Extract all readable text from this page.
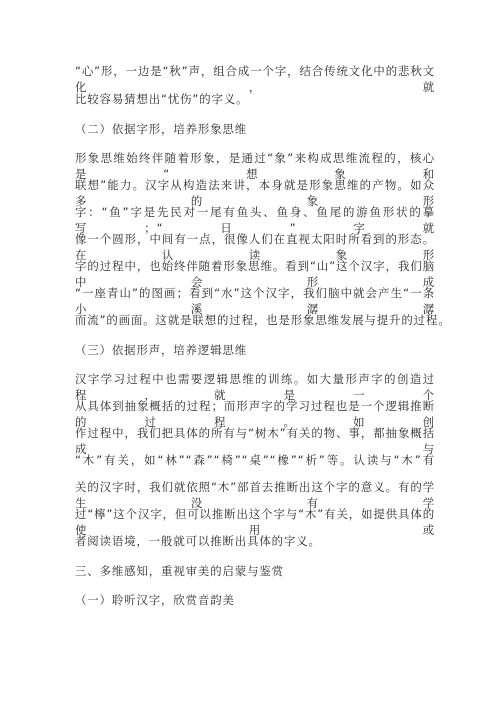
“心”形，一边是“秋”声，组合成一个字，结合传统文化中的悲秋文化，就
比较容易猜想出“忧伤”的字义。
（二）依据字形，培养形象思维
形象思维始终伴随着形象，是通过“象”来构成思维流程的，核心是“想象和
联想”能力。汉字从构造法来讲，本身就是形象思维的产物。如众多的象形
字：“鱼”字是先民对一尾有鱼头、鱼身、鱼尾的游鱼形状的摹写；“日”字就
像一个圆形，中间有一点，很像人们在直视太阳时所看到的形态。在认读象形
字的过程中，也始终伴随着形象思维。看到“山”这个汉字，我们脑中会形成
“一座青山”的图画；看到“水”这个汉字，我们脑中就会产生“一条小溪潺潺
而流”的画面。这就是联想的过程，也是形象思维发展与提升的过程。
（三）依据形声，培养逻辑思维
汉字学习过程中也需要逻辑思维的训练。如大量形声字的创造过程，就是一个
从具体到抽象概括的过程；而形声字的学习过程也是一个逻辑推断的过程。如创
作过程中，我们把具体的所有与“树木”有关的物、事，都抽象概括成与
“木”有关，如“林”“森”“椅”“桌”“橡”“析”等。认读与“木”有
关的汉字时，我们就依照“木”部首去推断出这个字的意义。有的学生没有学
过“檸”这个汉字，但可以推断出这个字与“木”有关，如提供具体的使用或
者阅读语境，一般就可以推断出具体的字义。
三、多维感知，重视审美的启蒙与鉴赏
（一）聆听汉字，欣赏音韵美
